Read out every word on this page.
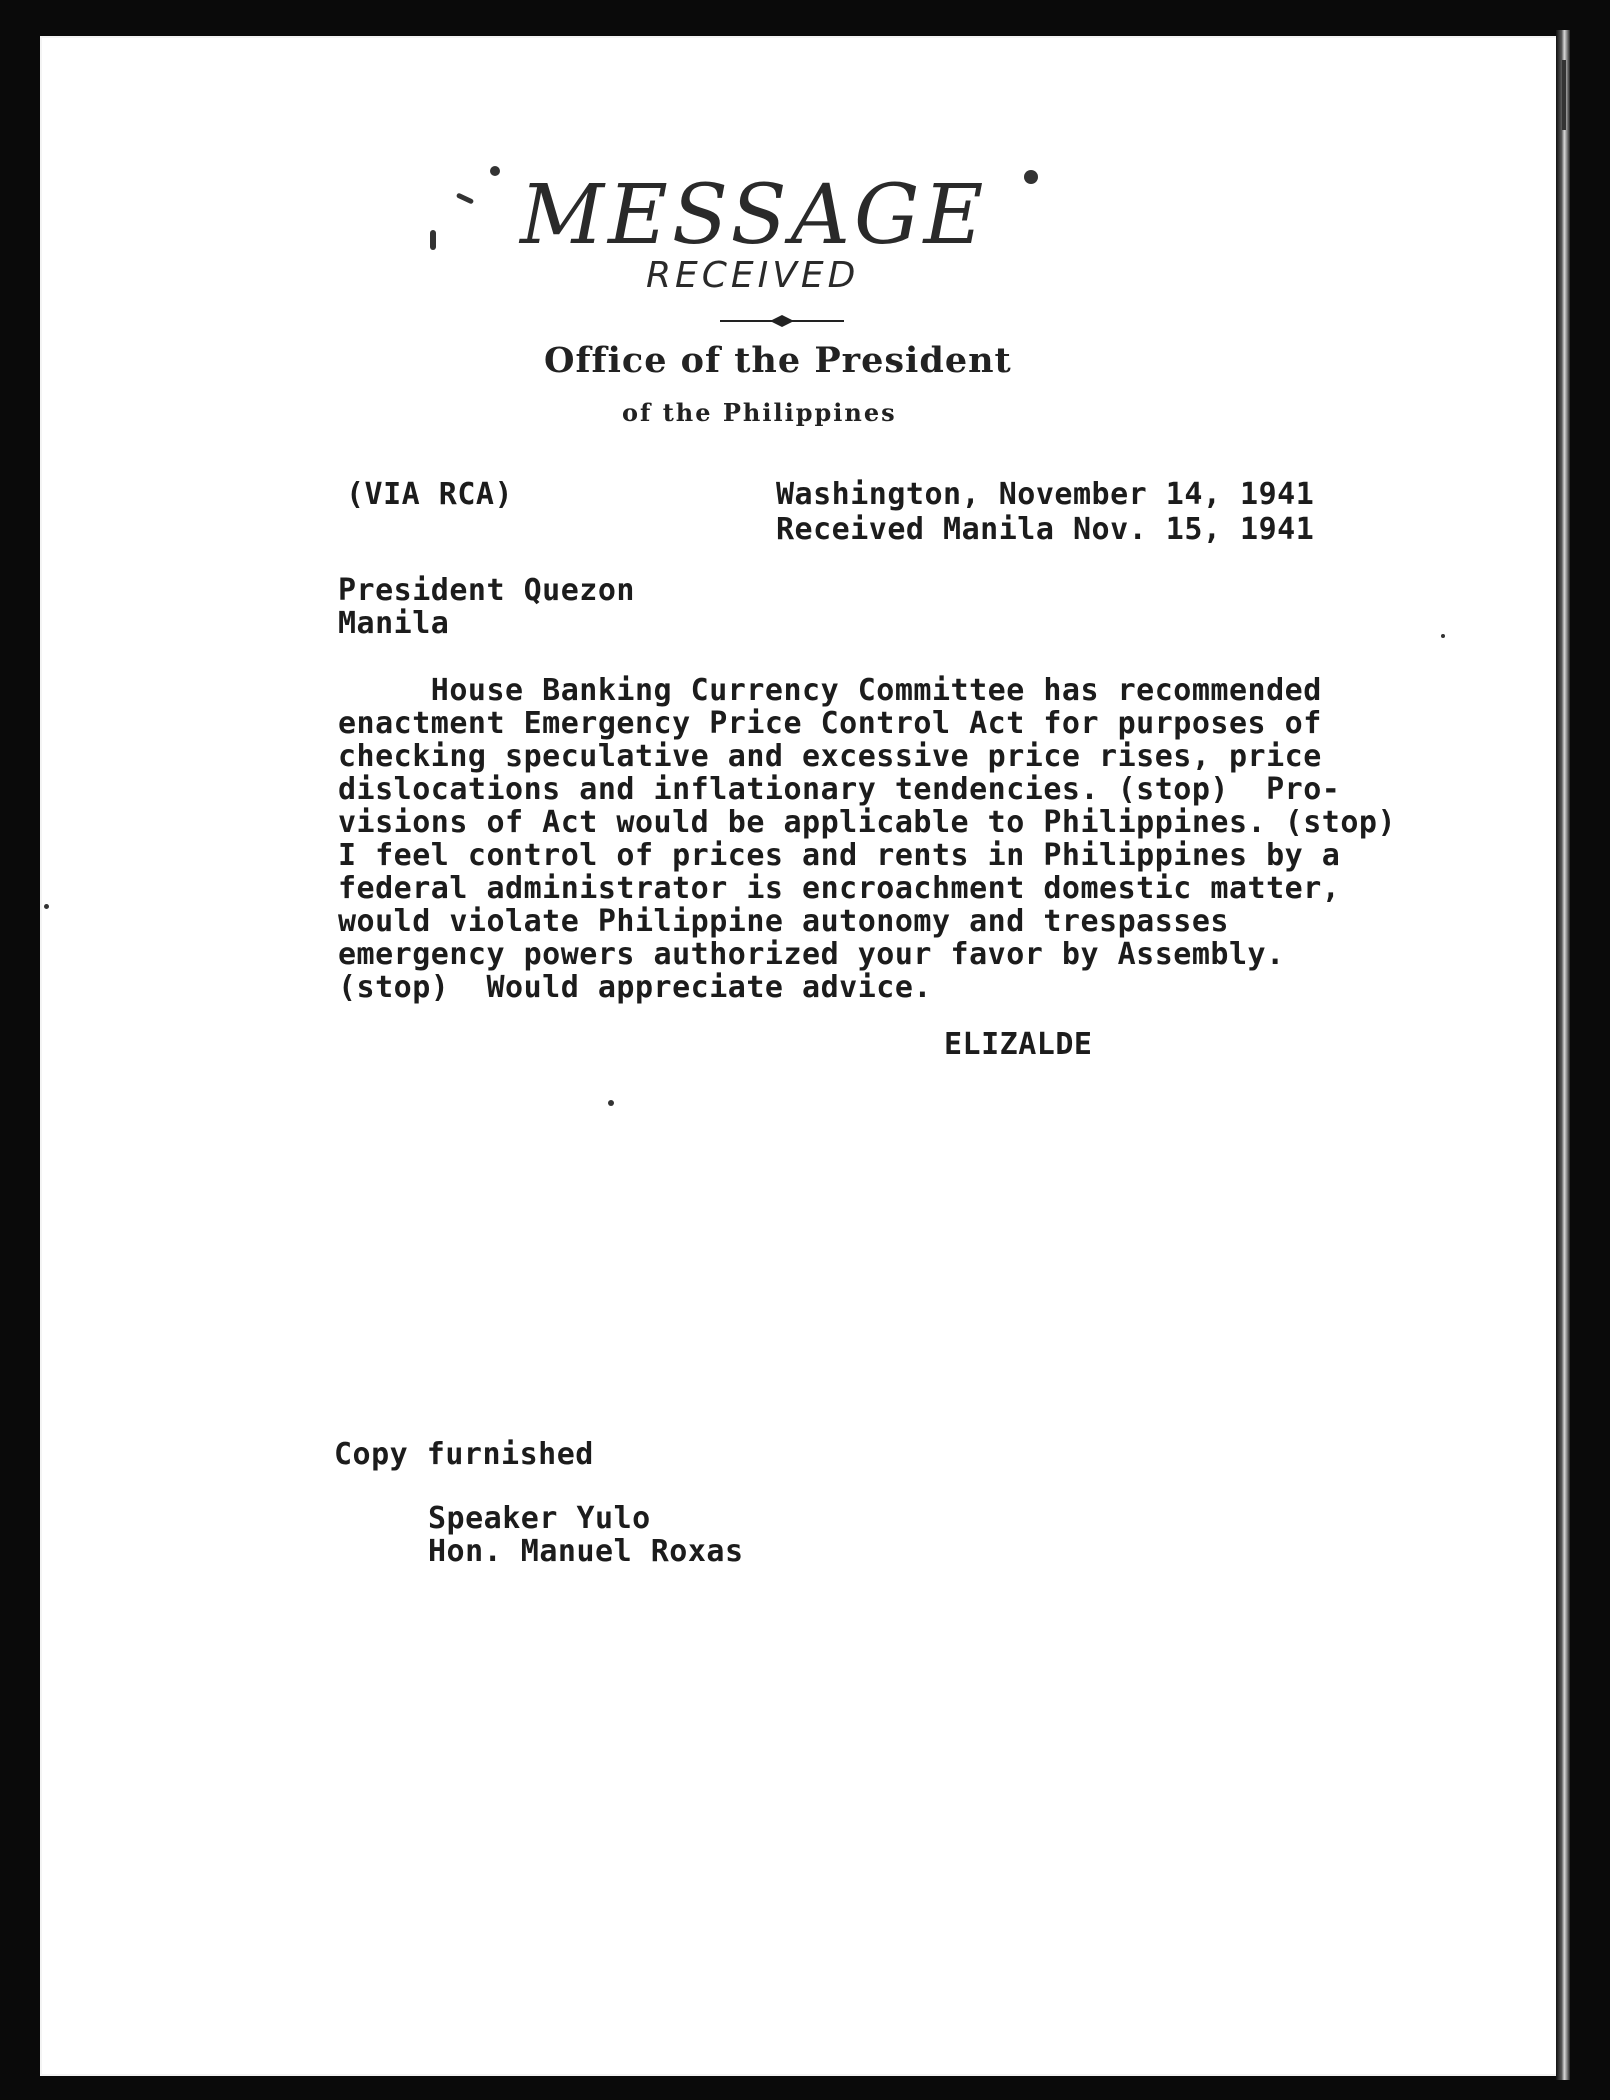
MESSAGE
RECEIVED
Office of the President
of the Philippines
(VIA RCA)	Washington, November 14, 1941
Received Manila Nov. 15, 1941
President Quezon
Manila
House Banking Currency Committee has recommended
enactment Emergency Price Control Act for purposes of
checking speculative and excessive price rises, price
dislocations and inflationary tendencies. (stop)  Pro-
visions of Act would be applicable to Philippines. (stop)
I feel control of prices and rents in Philippines by a
federal administrator is encroachment domestic matter,
would violate Philippine autonomy and trespasses
emergency powers authorized your favor by Assembly.
(stop)  Would appreciate advice.
ELIZALDE
Copy furnished
Speaker Yulo
Hon. Manuel Roxas
